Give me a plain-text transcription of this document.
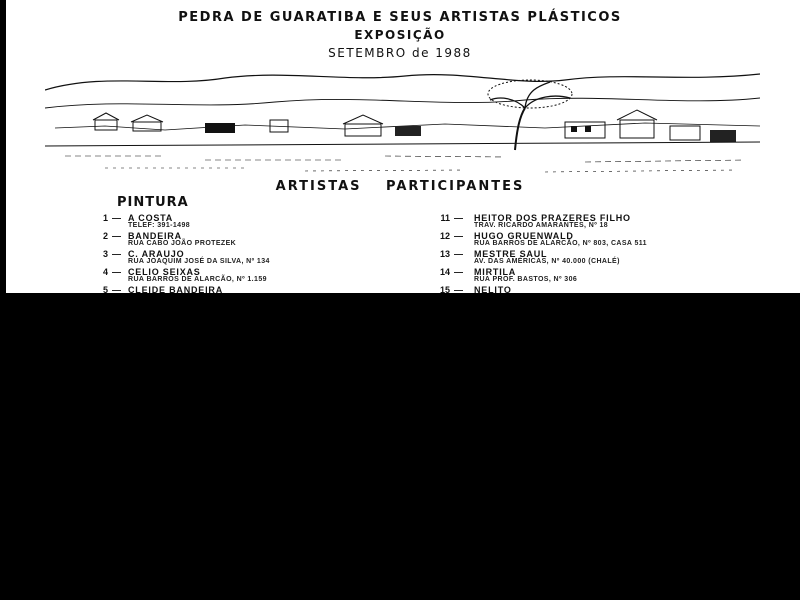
PEDRA DE GUARATIBA E SEUS ARTISTAS PLÁSTICOS
EXPOSIÇÃO
SETEMBRO de 1988
ARTISTAS PARTICIPANTES
PINTURA
1 — A COSTA
TELEF: 391-1498
2 — BANDEIRA
RUA CABO JOÃO PROTEZEK
3 — C. ARAUJO
RUA JOAQUIM JOSÉ DA SILVA, Nº 134
4 — CELIO SEIXAS
RUA BARROS DE ALARCÃO, Nº 1.159
5 — CLEIDE BANDEIRA
11 — HEITOR DOS PRAZERES FILHO
TRAV. RICARDO AMARANTES, Nº 18
12 — HUGO GRUENWALD
RUA BARROS DE ALARCÃO, Nº 803, CASA 511
13 — MESTRE SAUL
AV. DAS AMÉRICAS, Nº 40.000 (CHALÉ)
14 — MIRTILA
RUA PROF. BASTOS, Nº 306
15 — NELITO
